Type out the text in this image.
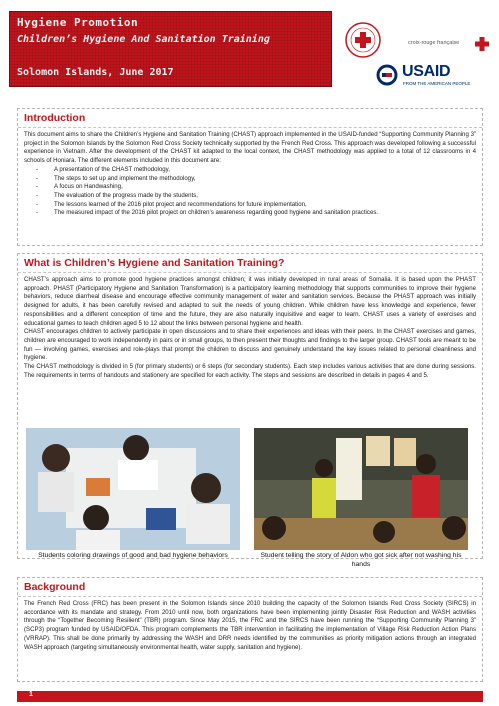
Hygiene Promotion
Children’s Hygiene And Sanitation Training
Solomon Islands, June 2017
croix-rouge française
USAID
FROM THE AMERICAN PEOPLE
Introduction

This document aims to share the Children’s Hygiene and Sanitation Training (CHAST) approach implemented in the USAID-funded “Supporting Community Planning 3” project in the Solomon Islands by the Solomon Red Cross Society technically supported by the French Red Cross. This approach was developed following a successful experience in Vietnam. After the development of the CHAST kit adapted to the local context, the CHAST methodology was applied to a total of 12 classrooms in 4 schools of Honiara. The different elements included in this document are:

- A presentation of the CHAST methodology,
- The steps to set up and implement the methodology,
- A focus on Handwashing,
- The evaluation of the progress made by the students,
- The lessons learned of the 2016 pilot project and recommendations for future implementation,
- The measured impact of the 2016 pilot project on children’s awareness regarding good hygiene and sanitation practices.
What is Children’s Hygiene and Sanitation Training?

CHAST’s approach aims to promote good hygiene practices amongst children; it was initially developed in rural areas of Somalia. It is based upon the PHAST approach. PHAST (Participatory Hygiene and Sanitation Transformation) is a participatory learning methodology that supports communities to improve their hygiene behaviors, reduce diarrheal disease and encourage effective community management of water and sanitation services. Because the PHAST approach was initially designed for adults, it has been carefully revised and adapted to suit the needs of young children. While children have less knowledge and experience, fewer responsibilities and a different conception of time and the future, they are also naturally inquisitive and eager to learn. CHAST uses a variety of exercises and educational games to teach children aged 5 to 12 about the links between personal hygiene and health.

CHAST encourages children to actively participate in open discussions and to share their experiences and ideas with their peers. In the CHAST exercises and games, children are encouraged to work independently in pairs or in small groups, to then present their thoughts and findings to the larger group. CHAST tools are meant to be fun — involving games, exercises and role-plays that prompt the children to discuss and genuinely understand the key issues related to personal cleanliness and hygiene.

The CHAST methodology is divided in 5 (for primary students) or 6 steps (for secondary students). Each step includes various activities that are done during sessions. The requirements in terms of handouts and stationery are specified for each activity. The steps and sessions are described in details in pages 4 and 5.

Students coloring drawings of good and bad hygiene behaviors	Student telling the story of Aldon who got sick after not washing his hands
Background

The French Red Cross (FRC) has been present in the Solomon Islands since 2010 building the capacity of the Solomon Islands Red Cross Society (SIRCS) in accordance with its mandate and strategy. From 2010 until now, both organizations have been implementing jointly Disaster Risk Reduction and WASH activities through the “Together Becoming Resilient” (TBR) program. Since May 2015, the FRC and the SIRCS have been running the “Supporting Community Planning 3” (SCP3) program funded by USAID/OFDA. This program complements the TBR intervention in facilitating the implementation of Village Risk Reduction Action Plans (VRRAP). This shall be done primarily by addressing the WASH and DRR needs identified by the communities as priority mitigation actions through an integrated WASH approach (targeting simultaneously environmental health, water supply, sanitation and hygiene).

1
